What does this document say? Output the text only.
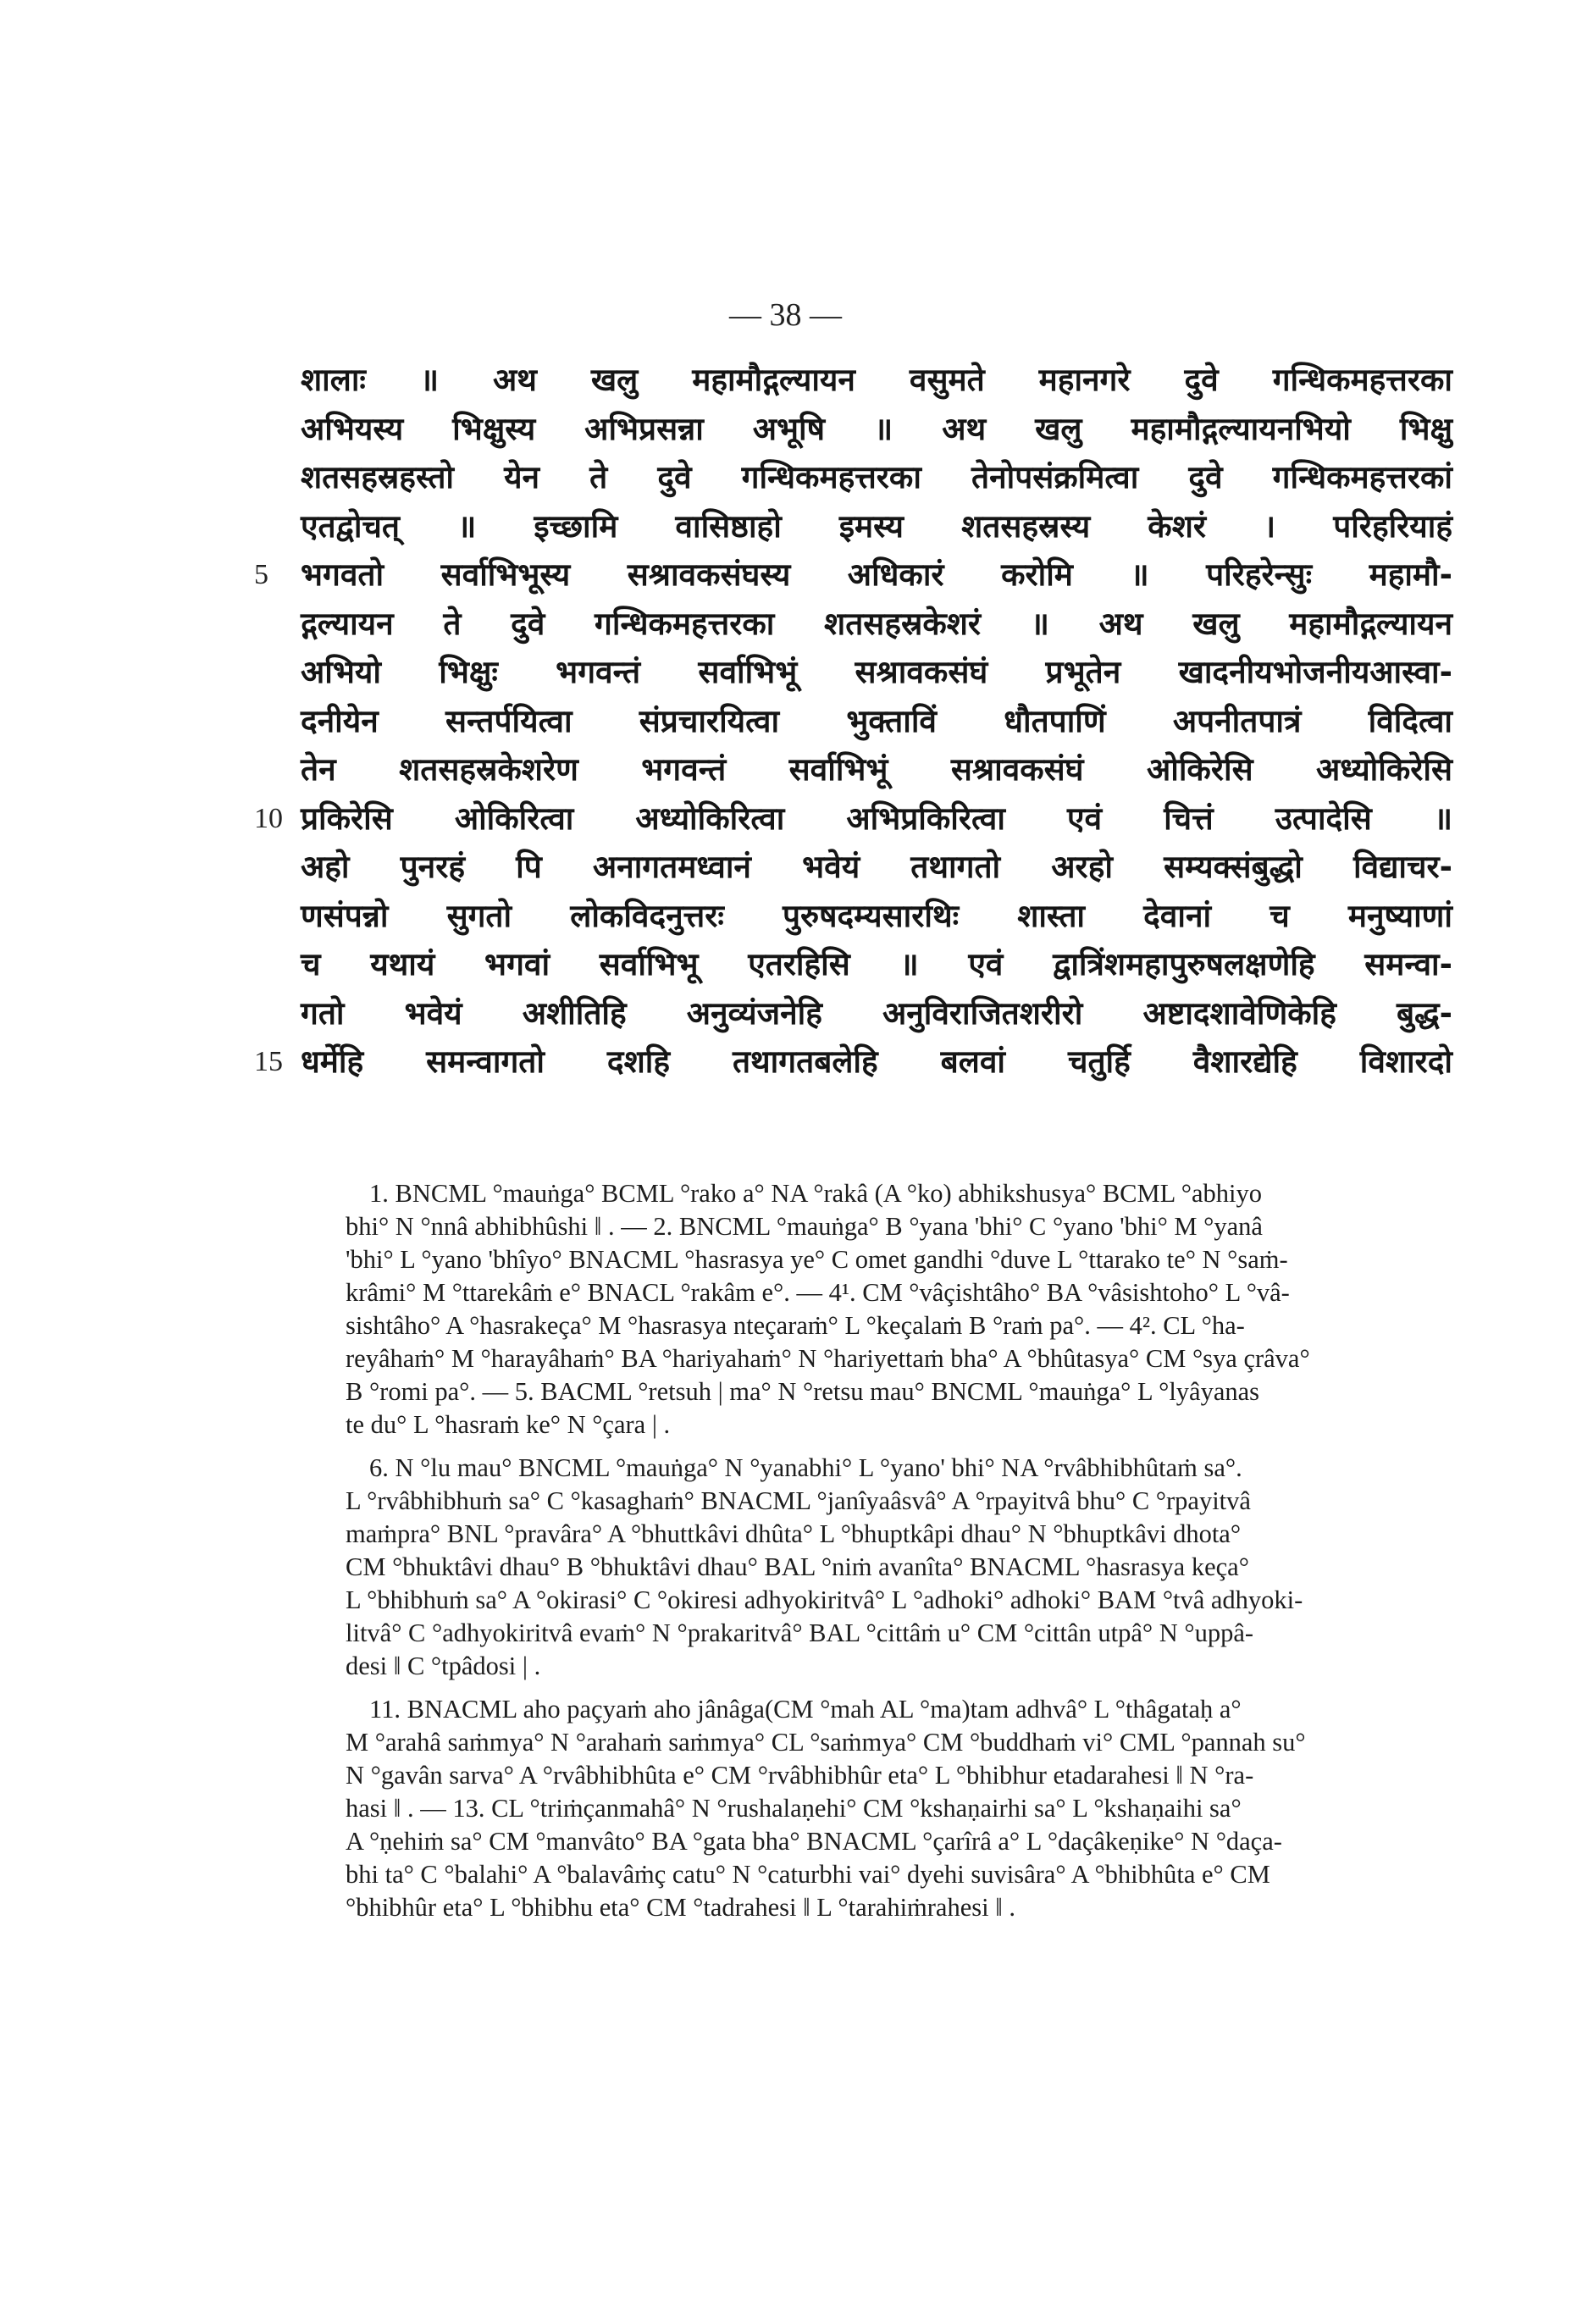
— 38 —
शालाः ॥ अथ खलु महामौद्गल्यायन वसुमते महानगरे दुवे गन्धिकमहत्तरका
अभियस्य भिक्षुस्य अभिप्रसन्ना अभूषि ॥ अथ खलु महामौद्गल्यायनभियो भिक्षु
शतसहस्रहस्तो येन ते दुवे गन्धिकमहत्तरका तेनोपसंक्रमित्वा दुवे गन्धिकमहत्तरकां
एतद्वोचत् ॥ इच्छामि वासिष्ठाहो इमस्य शतसहस्रस्य केशरं । परिहरियाहं
5	भगवतो सर्वाभिभूस्य सश्रावकसंघस्य अधिकारं करोमि ॥ परिहरेन्सुः महामौ-
द्गल्यायन ते दुवे गन्धिकमहत्तरका शतसहस्रकेशरं ॥ अथ खलु महामौद्गल्यायन
अभियो भिक्षुः भगवन्तं सर्वाभिभूं सश्रावकसंघं प्रभूतेन खादनीयभोजनीयआस्वा-
दनीयेन सन्तर्पयित्वा संप्रचारयित्वा भुक्ताविं धौतपाणिं अपनीतपात्रं विदित्वा
तेन शतसहस्रकेशरेण भगवन्तं सर्वाभिभूं सश्रावकसंघं ओकिरेसि अध्योकिरेसि
10 प्रकिरेसि ओकिरित्वा अध्योकिरित्वा अभिप्रकिरित्वा एवं चित्तं उत्पादेसि ॥
अहो पुनरहं पि अनागतमध्वानं भवेयं तथागतो अरहो सम्यक्संबुद्धो विद्याचर-
णसंपन्नो सुगतो लोकविदनुत्तरः पुरुषदम्यसारथिः शास्ता देवानां च मनुष्याणां
च यथायं भगवां सर्वाभिभू एतरहिसि ॥ एवं द्वात्रिंशमहापुरुषलक्षणेहि समन्वा-
गतो भवेयं अशीतिहि अनुव्यंजनेहि अनुविराजितशरीरो अष्टादशावेणिकेहि बुद्ध-
15 धर्मेहि समन्वागतो दशहि तथागतबलेहि बलवां चतुर्हि वैशारद्येहि विशारदो
1. BNCML °mauṅga° BCML °rako a° NA °rakâ (A °ko) abhikshusya° BCML °abhiyo
bhi° N °nnâ abhibhûshi ‖ . — 2. BNCML °mauṅga° B °yana 'bhi° C °yano 'bhi° M °yanâ
'bhi° L °yano 'bhîyo° BNACML °hasrasya ye° C omet gandhi °duve L °ttarako te° N °saṁ-
krâmi° M °ttarekâṁ e° BNACL °rakâm e°. — 4¹. CM °vâçishtâho° BA °vâsishtoho° L °vâ-
sishtâho° A °hasrakeça° M °hasrasya nteçaraṁ° L °keçalaṁ B °raṁ pa°. — 4². CL °ha-
reyâhaṁ° M °harayâhaṁ° BA °hariyahaṁ° N °hariyettaṁ bha° A °bhûtasya° CM °sya çrâva°
B °romi pa°. — 5. BACML °retsuh | ma° N °retsu mau° BNCML °mauṅga° L °lyâyanas
te du° L °hasraṁ ke° N °çara | .
6. N °lu mau° BNCML °mauṅga° N °yanabhi° L °yano' bhi° NA °rvâbhibhûtaṁ sa°.
L °rvâbhibhuṁ sa° C °kasaghaṁ° BNACML °janîyaâsvâ° A °rpayitvâ bhu° C °rpayitvâ
maṁpra° BNL °pravâra° A °bhuttkâvi dhûta° L °bhuptkâpi dhau° N °bhuptkâvi dhota°
CM °bhuktâvi dhau° B °bhuktâvi dhau° BAL °niṁ avanîta° BNACML °hasrasya keça°
L °bhibhuṁ sa° A °okirasi° C °okiresi adhyokiritvâ° L °adhoki° adhoki° BAM °tvâ adhyoki-
litvâ° C °adhyokiritvâ evaṁ° N °prakaritvâ° BAL °cittâṁ u° CM °cittân utpâ° N °uppâ-
desi ‖ C °tpâdosi | .
11. BNACML aho paçyaṁ aho jânâga(CM °mah AL °ma)tam adhvâ° L °thâgataḥ a°
M °arahâ saṁmya° N °arahaṁ saṁmya° CL °saṁmya° CM °buddhaṁ vi° CML °pannah su°
N °gavân sarva° A °rvâbhibhûta e° CM °rvâbhibhûr eta° L °bhibhur etadarahesi ‖ N °ra-
hasi ‖ . — 13. CL °triṁçanmahâ° N °rushalaṇehi° CM °kshaṇairhi sa° L °kshaṇaihi sa°
A °ṇehiṁ sa° CM °manvâto° BA °gata bha° BNACML °çarîrâ a° L °daçâkeṇike° N °daça-
bhi ta° C °balahi° A °balavâṁç catu° N °caturbhi vai° dyehi suvisâra° A °bhibhûta e° CM
°bhibhûr eta° L °bhibhu eta° CM °tadrahesi ‖ L °tarahiṁrahesi ‖ .
